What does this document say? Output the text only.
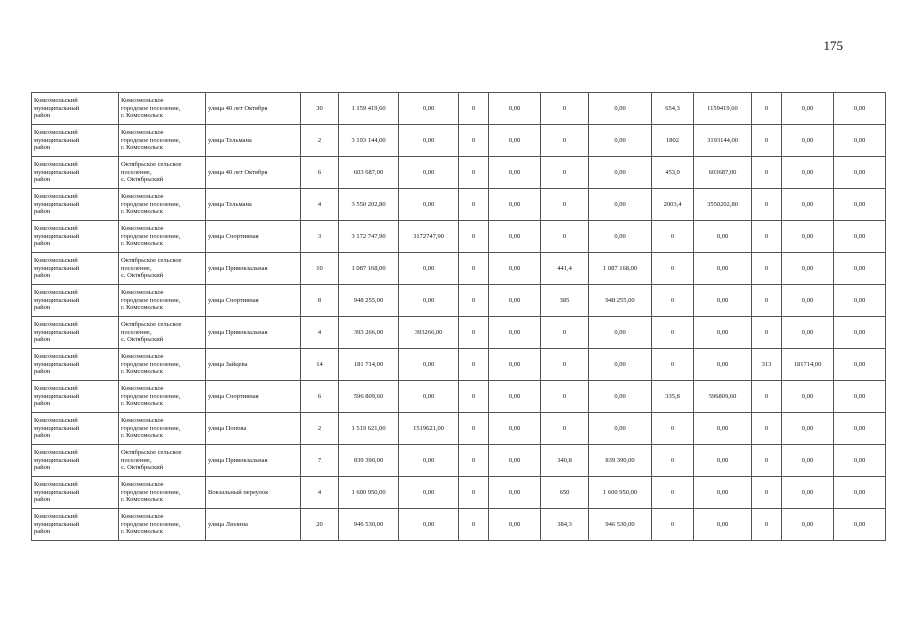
175
Комсомольский
муниципальный
район	Комсомольское
городское поселение,
г. Комсомольск	улица 40 лет Октября	30	1 159 419,60	0,00	0	0,00	0	0,00	654,3	1159419,60	0	0,00	0,00
Комсомольский
муниципальный
район	Комсомольское
городское поселение,
г. Комсомольск	улица Тельмана	2	3 193 144,00	0,00	0	0,00	0	0,00	1802	3193144,00	0	0,00	0,00
Комсомольский
муниципальный
район	Октябрьское сельское
поселение,
с. Октябрьский	улица 40 лет Октября	6	603 687,00	0,00	0	0,00	0	0,00	453,9	603687,00	0	0,00	0,00
Комсомольский
муниципальный
район	Комсомольское
городское поселение,
г. Комсомольск	улица Тельмана	4	3 550 202,80	0,00	0	0,00	0	0,00	2003,4	3550202,80	0	0,00	0,00
Комсомольский
муниципальный
район	Комсомольское
городское поселение,
г. Комсомольск	улица Спортивная	3	3 172 747,90	3172747,90	0	0,00	0	0,00	0	0,00	0	0,00	0,00
Комсомольский
муниципальный
район	Октябрьское сельское
поселение,
с. Октябрьский	улица Привокзальная	10	1 087 168,00	0,00	0	0,00	441,4	1 087 168,00	0	0,00	0	0,00	0,00
Комсомольский
муниципальный
район	Комсомольское
городское поселение,
г. Комсомольск	улица Спортивная	8	948 255,00	0,00	0	0,00	385	948 255,00	0	0,00	0	0,00	0,00
Комсомольский
муниципальный
район	Октябрьское сельское
поселение,
с. Октябрьский	улица Привокзальная	4	393 266,00	393266,00	0	0,00	0	0,00	0	0,00	0	0,00	0,00
Комсомольский
муниципальный
район	Комсомольское
городское поселение,
г. Комсомольск	улица Зайцева	14	181 714,00	0,00	0	0,00	0	0,00	0	0,00	313	181714,00	0,00
Комсомольский
муниципальный
район	Комсомольское
городское поселение,
г. Комсомольск	улица Спортивная	6	596 809,60	0,00	0	0,00	0	0,00	335,8	596809,60	0	0,00	0,00
Комсомольский
муниципальный
район	Комсомольское
городское поселение,
г. Комсомольск	улица Попова	2	1 519 621,00	1519621,00	0	0,00	0	0,00	0	0,00	0	0,00	0,00
Комсомольский
муниципальный
район	Октябрьское сельское
поселение,
с. Октябрьский	улица Привокзальная	7	839 390,00	0,00	0	0,00	340,8	839 390,00	0	0,00	0	0,00	0,00
Комсомольский
муниципальный
район	Комсомольское
городское поселение,
г. Комсомольск	Вокзальный переулок	4	1 600 950,00	0,00	0	0,00	650	1 600 950,00	0	0,00	0	0,00	0,00
Комсомольский
муниципальный
район	Комсомольское
городское поселение,
г. Комсомольск	улица Люлина	20	946 530,00	0,00	0	0,00	384,3	946 530,00	0	0,00	0	0,00	0,00
